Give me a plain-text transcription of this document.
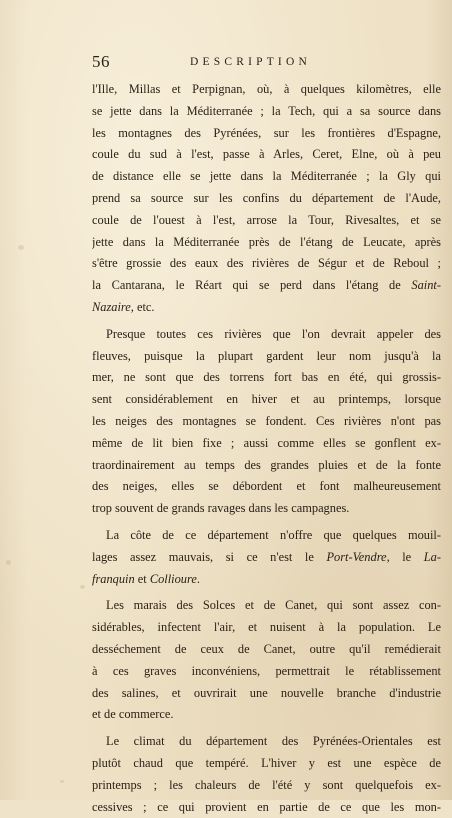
56	DESCRIPTION
l'Ille, Millas et Perpignan, où, à quelques kilomètres, elle
se jette dans la Méditerranée ; la Tech, qui a sa source dans
les montagnes des Pyrénées, sur les frontières d'Espagne,
coule du sud à l'est, passe à Arles, Ceret, Elne, où à peu
de distance elle se jette dans la Méditerranée ; la Gly qui
prend sa source sur les confins du département de l'Aude,
coule de l'ouest à l'est, arrose la Tour, Rivesaltes, et se
jette dans la Méditerranée près de l'étang de Leucate, après
s'être grossie des eaux des rivières de Ségur et de Reboul ;
la Cantarana, le Réart qui se perd dans l'étang de Saint-
Nazaire, etc.
Presque toutes ces rivières que l'on devrait appeler des
fleuves, puisque la plupart gardent leur nom jusqu'à la
mer, ne sont que des torrens fort bas en été, qui grossis-
sent considérablement en hiver et au printemps, lorsque
les neiges des montagnes se fondent. Ces rivières n'ont pas
même de lit bien fixe ; aussi comme elles se gonflent ex-
traordinairement au temps des grandes pluies et de la fonte
des neiges, elles se débordent et font malheureusement
trop souvent de grands ravages dans les campagnes.
La côte de ce département n'offre que quelques mouil-
lages assez mauvais, si ce n'est le Port-Vendre, le La-
franquin et Collioure.
Les marais des Solces et de Canet, qui sont assez con-
sidérables, infectent l'air, et nuisent à la population. Le
desséchement de ceux de Canet, outre qu'il remédierait
à ces graves inconvéniens, permettrait le rétablissement
des salines, et ouvrirait une nouvelle branche d'industrie
et de commerce.
Le climat du département des Pyrénées-Orientales est
plutôt chaud que tempéré. L'hiver y est une espèce de
printemps ; les chaleurs de l'été y sont quelquefois ex-
cessives ; ce qui provient en partie de ce que les mon-
